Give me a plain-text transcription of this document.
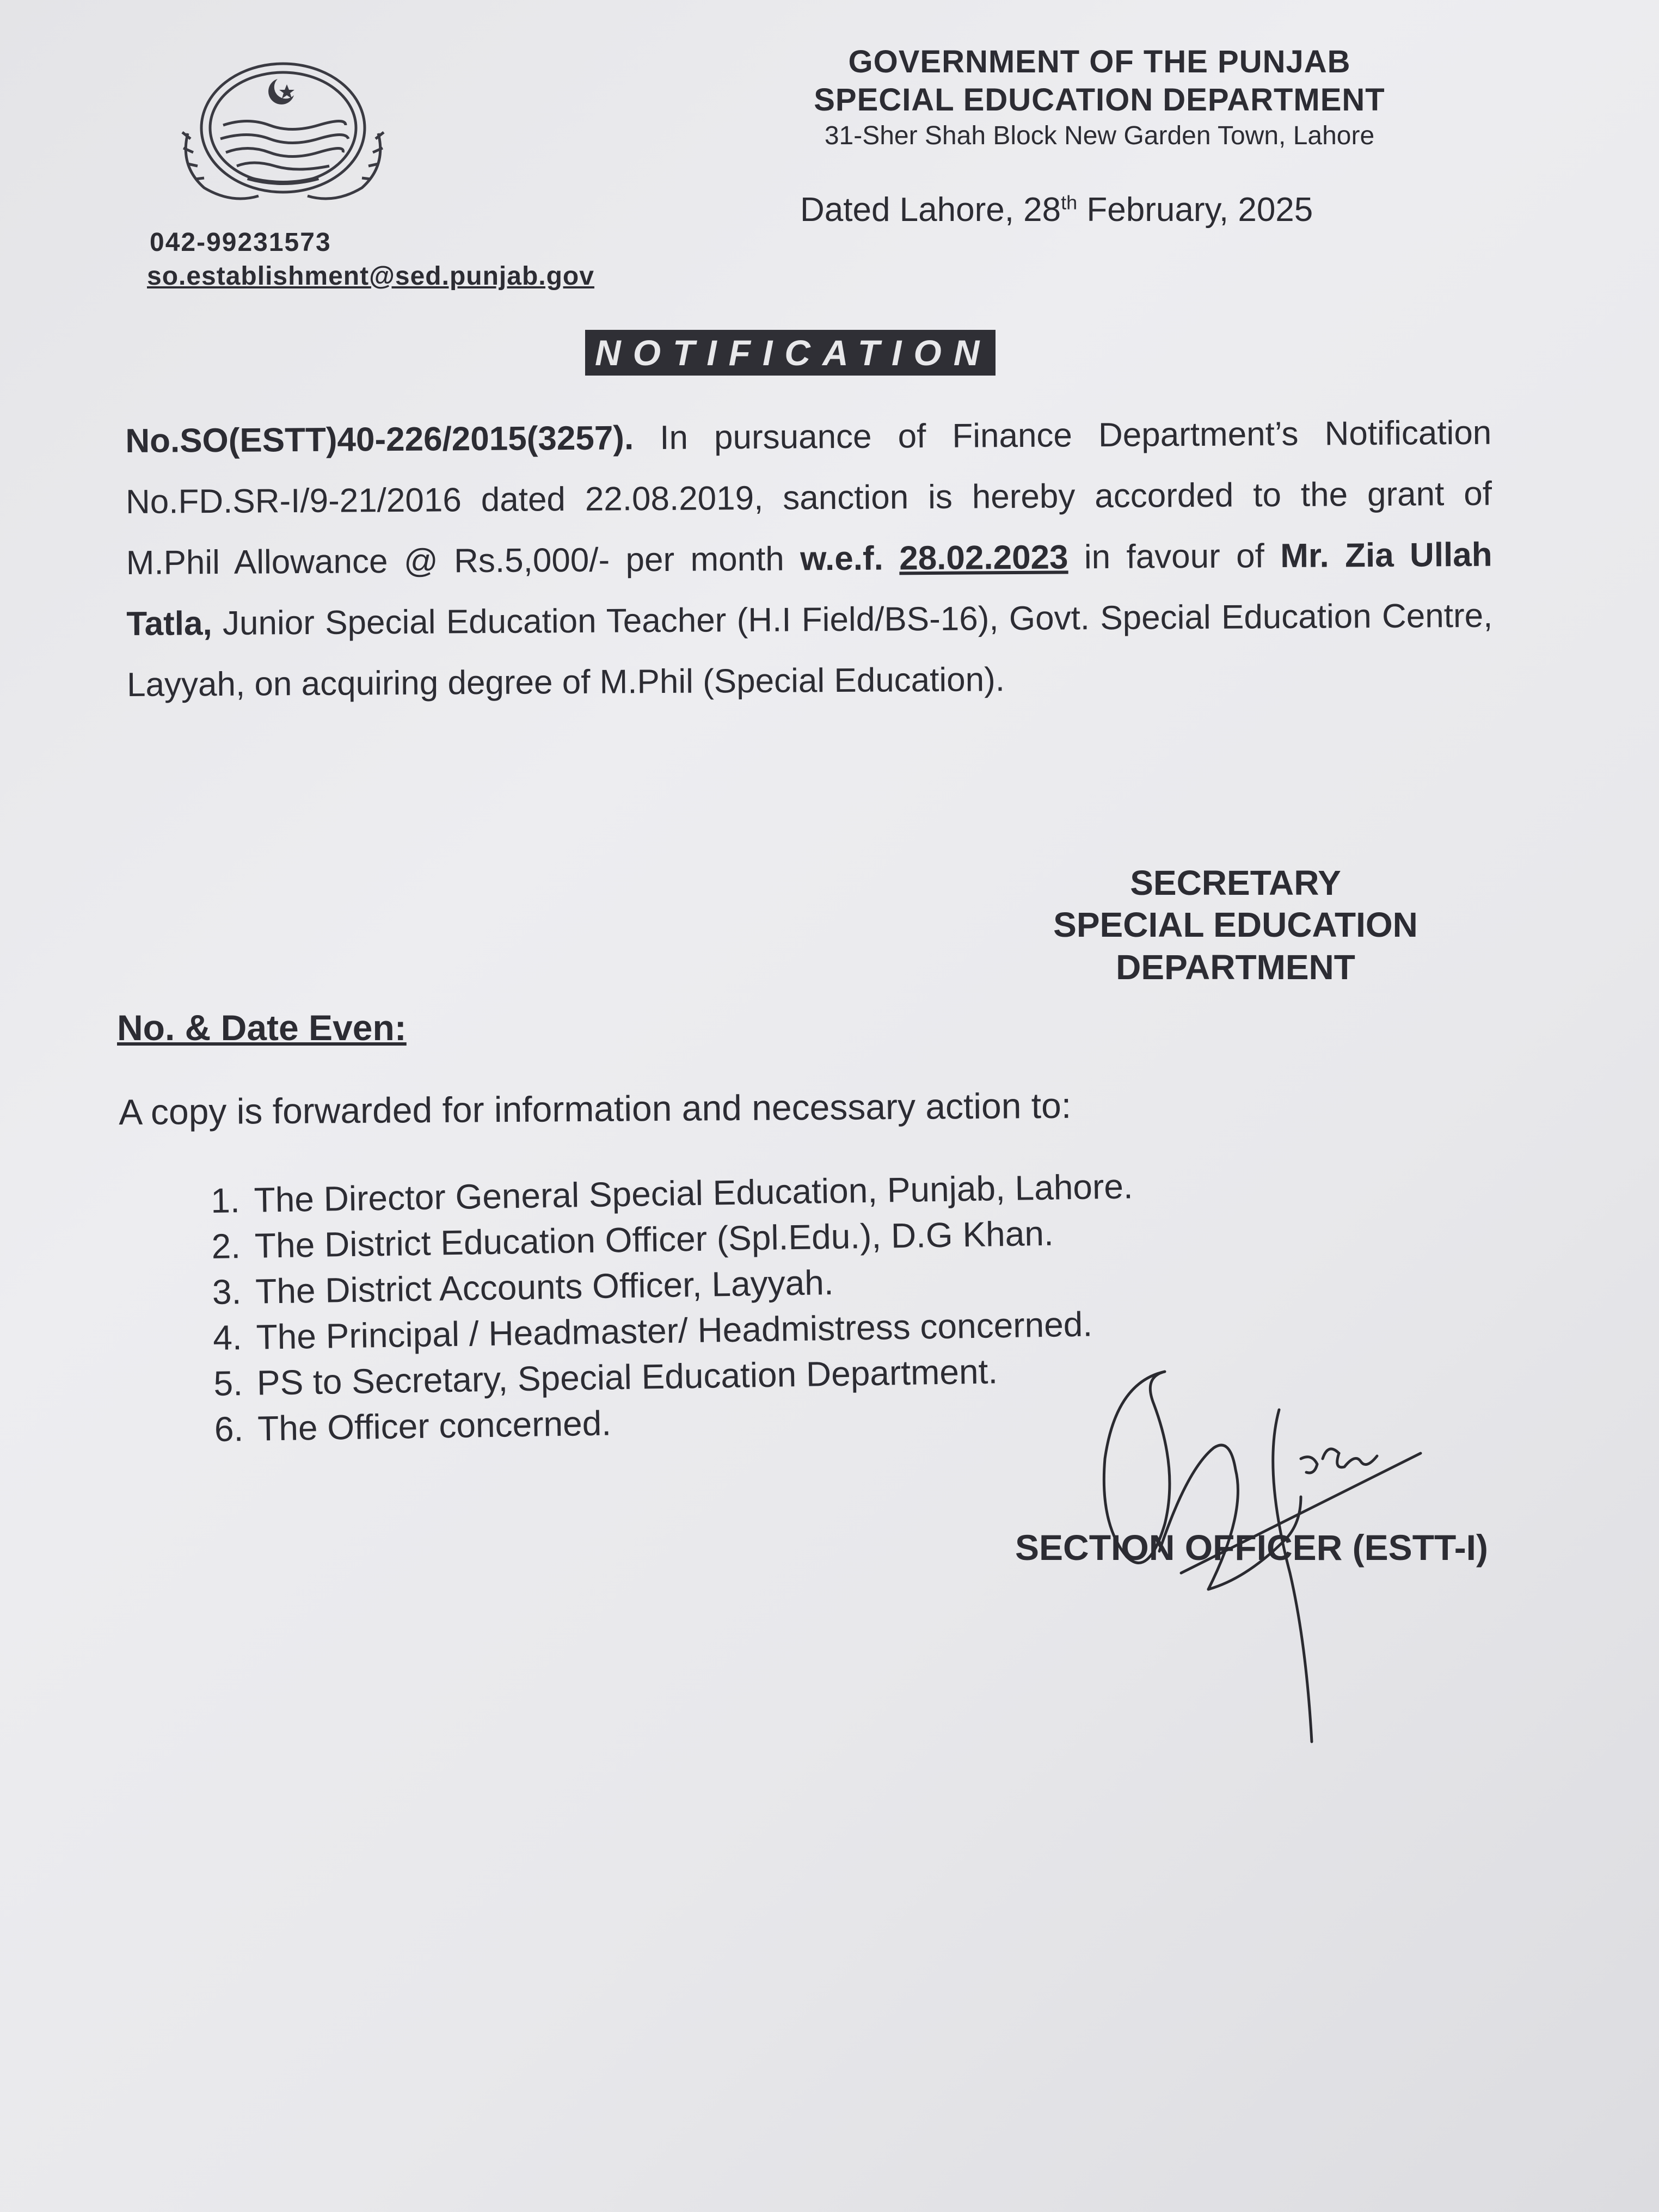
GOVERNMENT OF THE PUNJAB
SPECIAL EDUCATION DEPARTMENT
31-Sher Shah Block New Garden Town, Lahore
Dated Lahore, 28th February, 2025
042-99231573
so.establishment@sed.punjab.gov
NOTIFICATION
No.SO(ESTT)40-226/2015(3257). In pursuance of Finance Department’s Notification No.FD.SR-I/9-21/2016 dated 22.08.2019, sanction is hereby accorded to the grant of M.Phil Allowance @ Rs.5,000/- per month w.e.f. 28.02.2023 in favour of Mr. Zia Ullah Tatla, Junior Special Education Teacher (H.I Field/BS-16), Govt. Special Education Centre, Layyah, on acquiring degree of M.Phil (Special Education).
SECRETARY
SPECIAL EDUCATION
DEPARTMENT
No. & Date Even:
A copy is forwarded for information and necessary action to:
1. The Director General Special Education, Punjab, Lahore.
2. The District Education Officer (Spl.Edu.), D.G Khan.
3. The District Accounts Officer, Layyah.
4. The Principal / Headmaster/ Headmistress concerned.
5. PS to Secretary, Special Education Department.
6. The Officer concerned.
SECTION OFFICER (ESTT-I)
